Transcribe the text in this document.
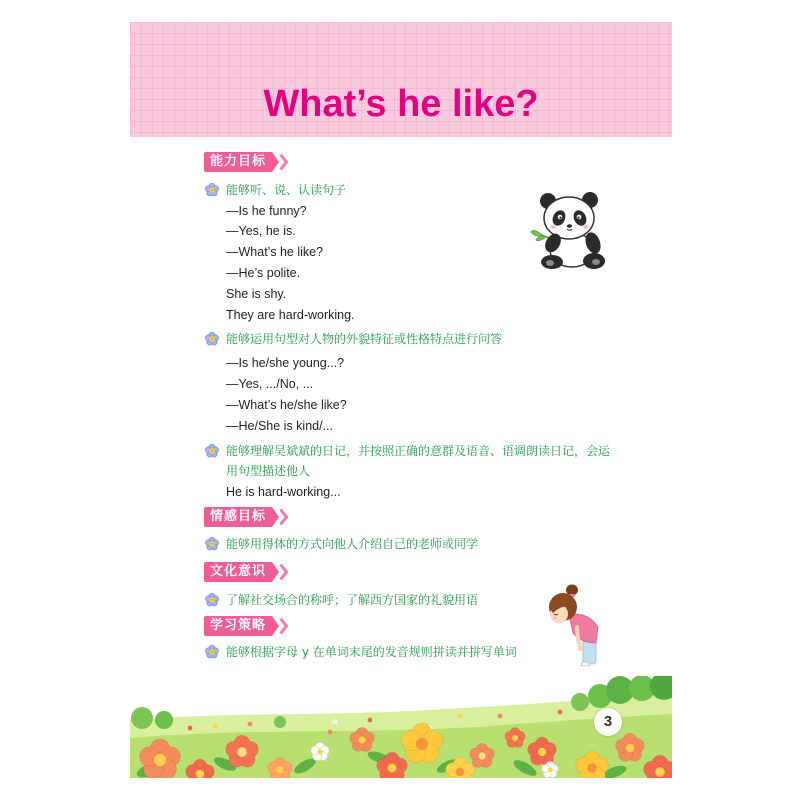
What’s he like?
能力目标
能够听、说、认读句子
—Is he funny?
—Yes, he is.
—What’s he like?
—He’s polite.
She is shy.
They are hard-working.
能够运用句型对人物的外貌特征或性格特点进行问答
—Is he/she young...?
—Yes, .../No, ...
—What’s he/she like?
—He/She is kind/...
能够理解吴斌斌的日记，并按照正确的意群及语音、语调朗读日记，会运
用句型描述他人
He is hard-working...
情感目标
能够用得体的方式向他人介绍自己的老师或同学
文化意识
了解社交场合的称呼；了解西方国家的礼貌用语
学习策略
能够根据字母 y 在单词末尾的发音规则拼读并拼写单词
3
